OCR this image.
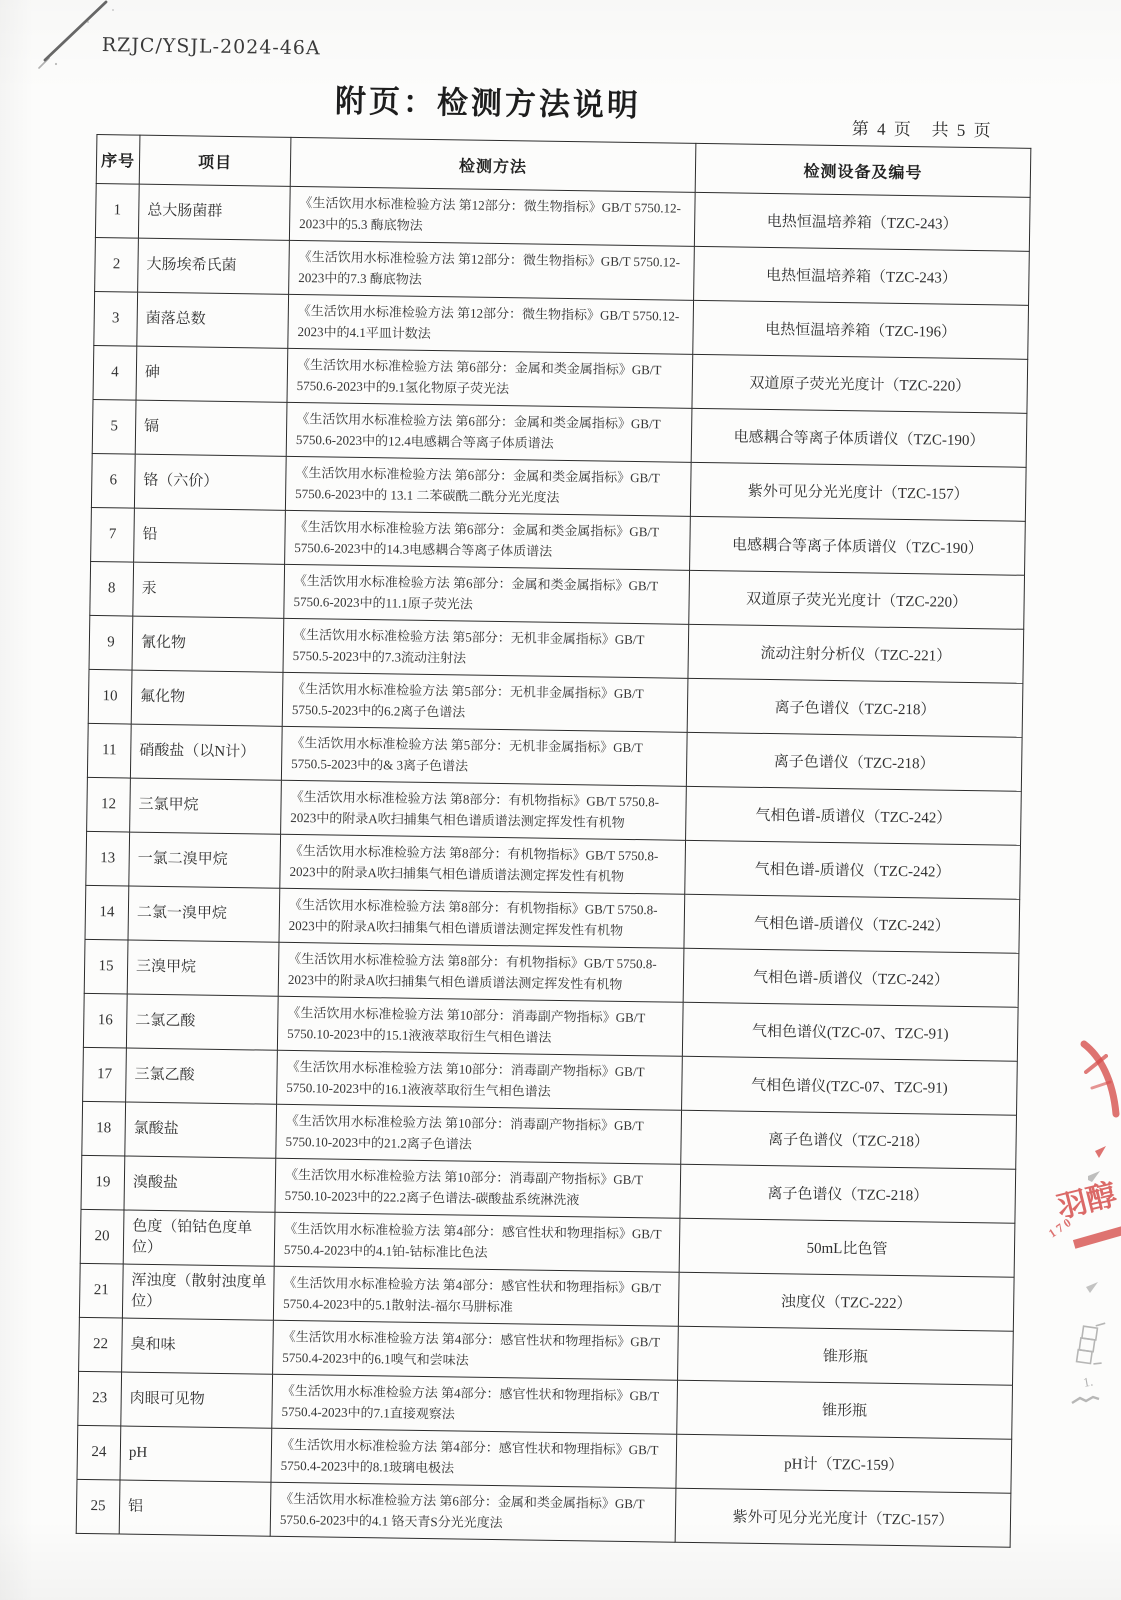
RZJC/YSJL-2024-46A
附页：检测方法说明
第 4 页   共 5 页
序号	项目	检测方法	检测设备及编号
1	总大肠菌群	《生活饮用水标准检验方法 第12部分：微生物指标》GB/T 5750.12-2023中的5.3 酶底物法	电热恒温培养箱（TZC-243）
2	大肠埃希氏菌	《生活饮用水标准检验方法 第12部分：微生物指标》GB/T 5750.12-2023中的7.3 酶底物法	电热恒温培养箱（TZC-243）
3	菌落总数	《生活饮用水标准检验方法 第12部分：微生物指标》GB/T 5750.12-2023中的4.1平皿计数法	电热恒温培养箱（TZC-196）
4	砷	《生活饮用水标准检验方法 第6部分：金属和类金属指标》GB/T 5750.6-2023中的9.1氢化物原子荧光法	双道原子荧光光度计（TZC-220）
5	镉	《生活饮用水标准检验方法 第6部分：金属和类金属指标》GB/T 5750.6-2023中的12.4电感耦合等离子体质谱法	电感耦合等离子体质谱仪（TZC-190）
6	铬（六价）	《生活饮用水标准检验方法 第6部分：金属和类金属指标》GB/T 5750.6-2023中的 13.1 二苯碳酰二酰分光光度法	紫外可见分光光度计（TZC-157）
7	铅	《生活饮用水标准检验方法 第6部分：金属和类金属指标》GB/T 5750.6-2023中的14.3电感耦合等离子体质谱法	电感耦合等离子体质谱仪（TZC-190）
8	汞	《生活饮用水标准检验方法 第6部分：金属和类金属指标》GB/T 5750.6-2023中的11.1原子荧光法	双道原子荧光光度计（TZC-220）
9	氰化物	《生活饮用水标准检验方法 第5部分：无机非金属指标》GB/T 5750.5-2023中的7.3流动注射法	流动注射分析仪（TZC-221）
10	氟化物	《生活饮用水标准检验方法 第5部分：无机非金属指标》GB/T 5750.5-2023中的6.2离子色谱法	离子色谱仪（TZC-218）
11	硝酸盐（以N计）	《生活饮用水标准检验方法 第5部分：无机非金属指标》GB/T 5750.5-2023中的& 3离子色谱法	离子色谱仪（TZC-218）
12	三氯甲烷	《生活饮用水标准检验方法 第8部分：有机物指标》GB/T 5750.8-2023中的附录A吹扫捕集气相色谱质谱法测定挥发性有机物	气相色谱-质谱仪（TZC-242）
13	一氯二溴甲烷	《生活饮用水标准检验方法 第8部分：有机物指标》GB/T 5750.8-2023中的附录A吹扫捕集气相色谱质谱法测定挥发性有机物	气相色谱-质谱仪（TZC-242）
14	二氯一溴甲烷	《生活饮用水标准检验方法 第8部分：有机物指标》GB/T 5750.8-2023中的附录A吹扫捕集气相色谱质谱法测定挥发性有机物	气相色谱-质谱仪（TZC-242）
15	三溴甲烷	《生活饮用水标准检验方法 第8部分：有机物指标》GB/T 5750.8-2023中的附录A吹扫捕集气相色谱质谱法测定挥发性有机物	气相色谱-质谱仪（TZC-242）
16	二氯乙酸	《生活饮用水标准检验方法 第10部分：消毒副产物指标》GB/T 5750.10-2023中的15.1液液萃取衍生气相色谱法	气相色谱仪(TZC-07、TZC-91)
17	三氯乙酸	《生活饮用水标准检验方法 第10部分：消毒副产物指标》GB/T 5750.10-2023中的16.1液液萃取衍生气相色谱法	气相色谱仪(TZC-07、TZC-91)
18	氯酸盐	《生活饮用水标准检验方法 第10部分：消毒副产物指标》GB/T 5750.10-2023中的21.2离子色谱法	离子色谱仪（TZC-218）
19	溴酸盐	《生活饮用水标准检验方法 第10部分：消毒副产物指标》GB/T 5750.10-2023中的22.2离子色谱法-碳酸盐系统淋洗液	离子色谱仪（TZC-218）
20	色度（铂钴色度单位）	《生活饮用水标准检验方法 第4部分：感官性状和物理指标》GB/T 5750.4-2023中的4.1铂-钴标准比色法	50mL比色管
21	浑浊度（散射浊度单位）	《生活饮用水标准检验方法 第4部分：感官性状和物理指标》GB/T 5750.4-2023中的5.1散射法-福尔马肼标准	浊度仪（TZC-222）
22	臭和味	《生活饮用水标准检验方法 第4部分：感官性状和物理指标》GB/T 5750.4-2023中的6.1嗅气和尝味法	锥形瓶
23	肉眼可见物	《生活饮用水标准检验方法 第4部分：感官性状和物理指标》GB/T 5750.4-2023中的7.1直接观察法	锥形瓶
24	pH	《生活饮用水标准检验方法 第4部分：感官性状和物理指标》GB/T 5750.4-2023中的8.1玻璃电极法	pH计（TZC-159）
25	铝	《生活饮用水标准检验方法 第6部分：金属和类金属指标》GB/T 5750.6-2023中的4.1 铬天青S分光光度法	紫外可见分光光度计（TZC-157）
羽醇
1 7 0
1.
